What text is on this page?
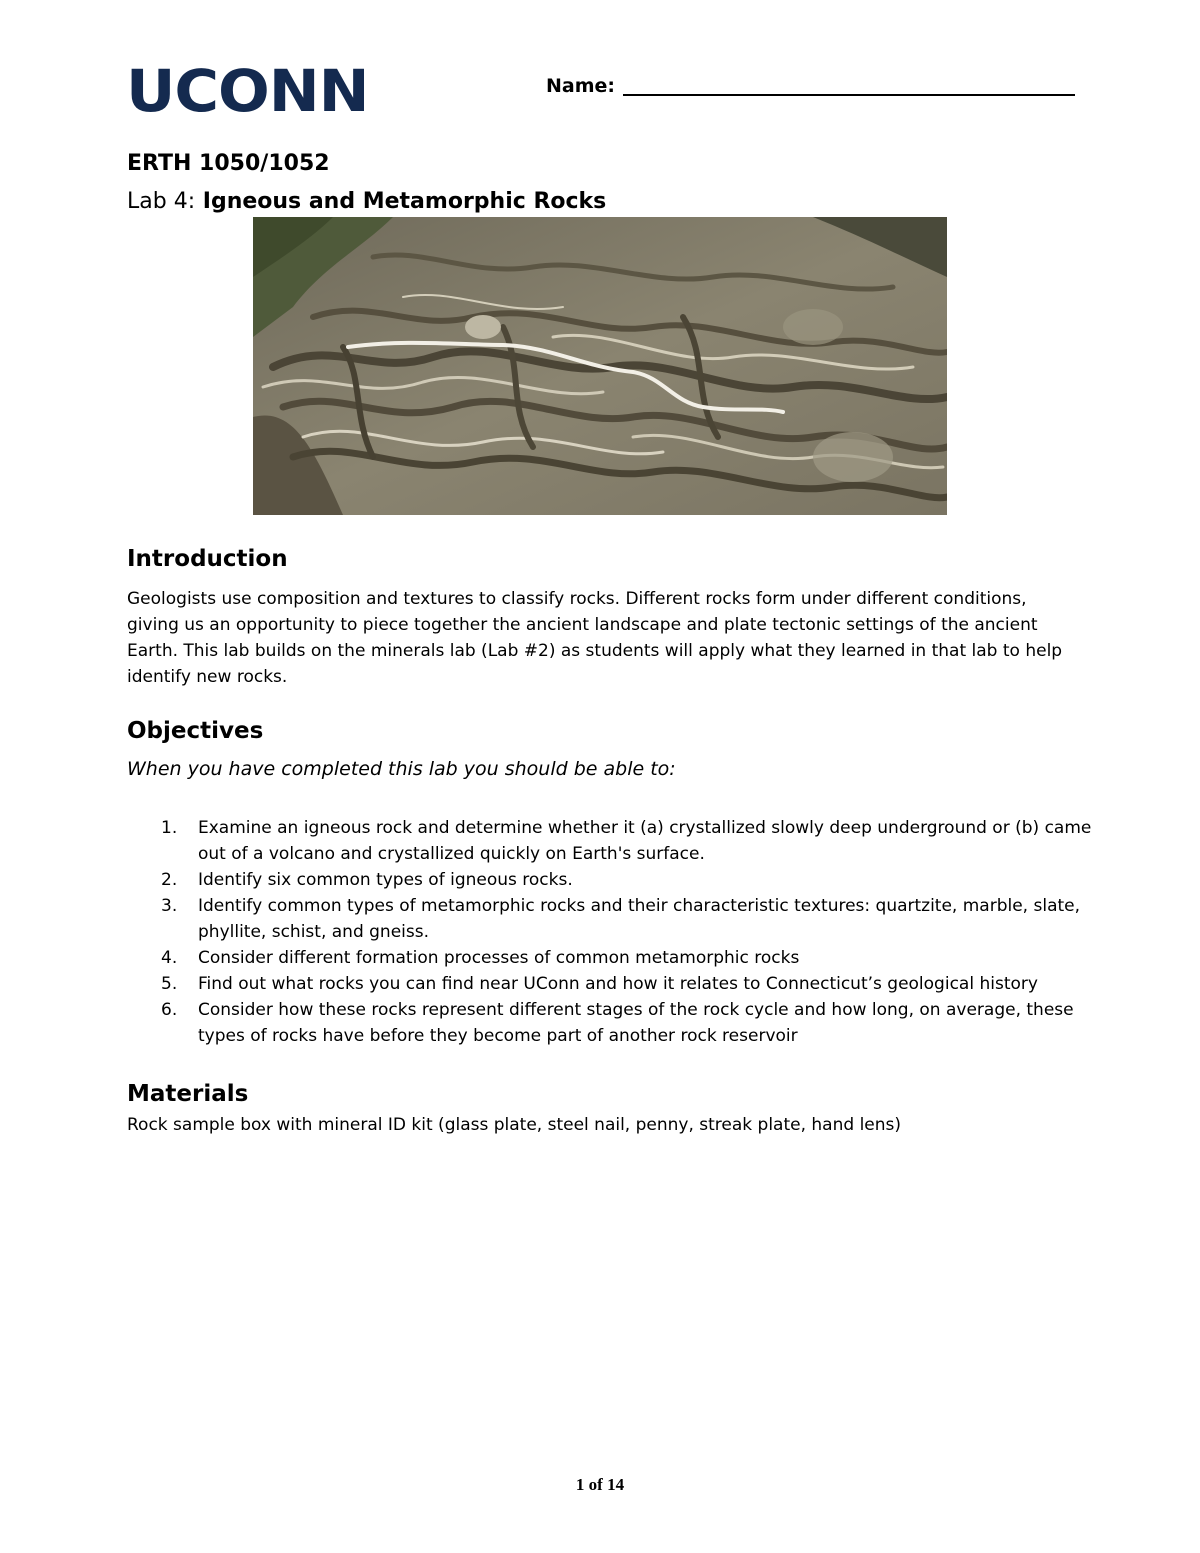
UCONN	Name:
ERTH 1050/1052
Lab 4: Igneous and Metamorphic Rocks
Introduction

Geologists use composition and textures to classify rocks. Different rocks form under different conditions, giving us an opportunity to piece together the ancient landscape and plate tectonic settings of the ancient Earth. This lab builds on the minerals lab (Lab #2) as students will apply what they learned in that lab to help identify new rocks.

Objectives
When you have completed this lab you should be able to:
1. Examine an igneous rock and determine whether it (a) crystallized slowly deep underground or (b) came out of a volcano and crystallized quickly on Earth's surface.
2. Identify six common types of igneous rocks.
3. Identify common types of metamorphic rocks and their characteristic textures: quartzite, marble, slate, phyllite, schist, and gneiss.
4. Consider different formation processes of common metamorphic rocks
5. Find out what rocks you can find near UConn and how it relates to Connecticut’s geological history
6. Consider how these rocks represent different stages of the rock cycle and how long, on average, these types of rocks have before they become part of another rock reservoir
Materials

Rock sample box with mineral ID kit (glass plate, steel nail, penny, streak plate, hand lens)

1 of 14
